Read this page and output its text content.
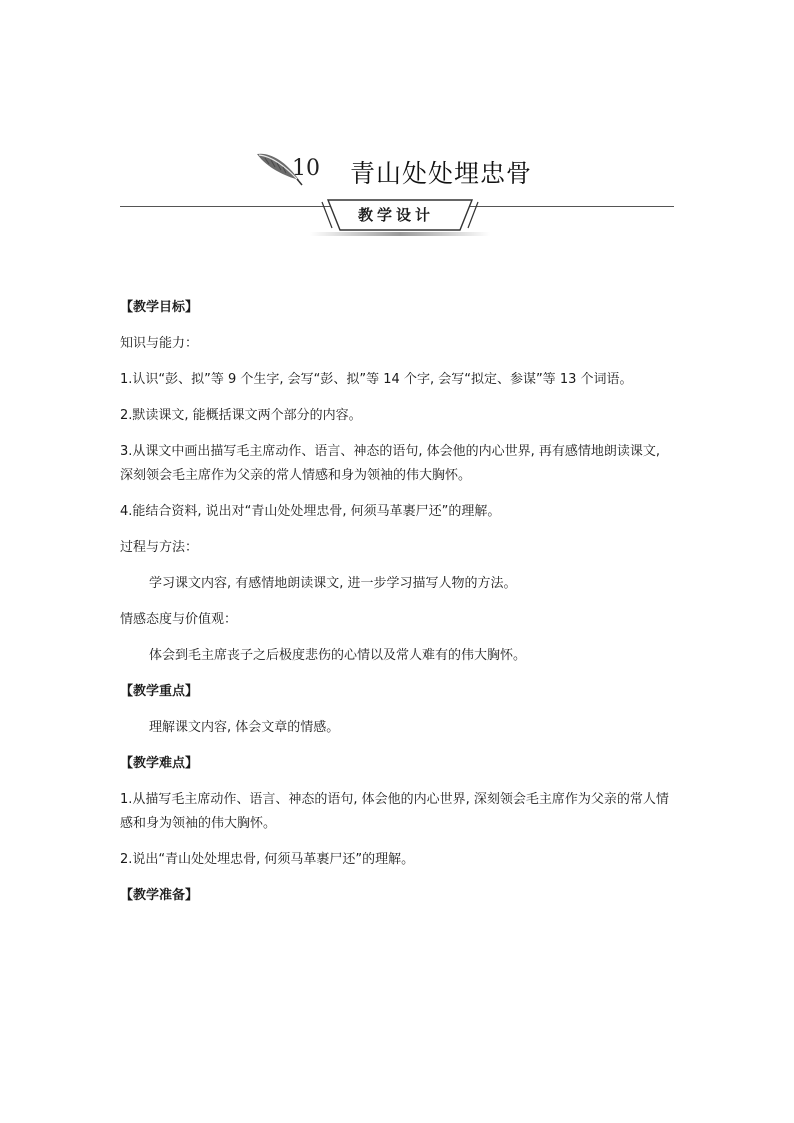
10 青山处处埋忠骨
教学设计

【教学目标】

知识与能力：

1.认识“彭、拟”等 9 个生字, 会写“彭、拟”等 14 个字, 会写“拟定、参谋”等 13 个词语。

2.默读课文, 能概括课文两个部分的内容。

3.从课文中画出描写毛主席动作、语言、神态的语句, 体会他的内心世界, 再有感情地朗读课文, 深刻领会毛主席作为父亲的常人情感和身为领袖的伟大胸怀。

4.能结合资料, 说出对“青山处处埋忠骨, 何须马革裹尸还”的理解。

过程与方法：

学习课文内容, 有感情地朗读课文, 进一步学习描写人物的方法。

情感态度与价值观：

体会到毛主席丧子之后极度悲伤的心情以及常人难有的伟大胸怀。

【教学重点】

理解课文内容, 体会文章的情感。

【教学难点】

1.从描写毛主席动作、语言、神态的语句, 体会他的内心世界, 深刻领会毛主席作为父亲的常人情感和身为领袖的伟大胸怀。

2.说出“青山处处埋忠骨, 何须马革裹尸还”的理解。

【教学准备】
